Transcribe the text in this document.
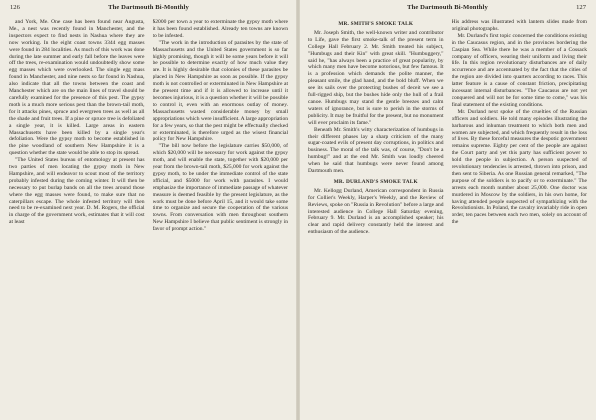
126	The Dartmouth Bi-Monthly

and York, Me. One case has been found near Augusta, Me., a nest was recently found in Manchester, and the inspectors expect to find nests in Nashua where they are now working. In the eight coast towns 3344 egg masses were found in 284 localities. As much of this work was done during the late summer and early fall before the leaves were off the trees, re-examination would undoubtedly show some egg masses which were overlooked. The single egg mass found in Manchester, and nine nests so far found in Nashua, also indicate that all the towns between the coast and Manchester which are on the main lines of travel should be carefully examined for the presence of this pest. The gypsy moth is a much more serious pest than the brown-tail moth, for it attacks pines, spruce and evergreen trees as well as all the shade and fruit trees. If a pine or spruce tree is defoliated a single year, it is killed. Large areas in eastern Massachusetts have been killed by a single year's defoliation. Were the gypsy moth to become established in the pine woodland of southern New Hampshire it is a question whether the state would be able to stop its spread.

"The United States bureau of entomology at present has two parties of men locating the gypsy moth in New Hampshire, and will endeavor to scout most of the territory probably infested during the coming winter. It will then be necessary to put burlap bands on all the trees around those where the egg masses were found, to make sure that no caterpillars escape. The whole infested territory will then need to be re-examined next year. D. M. Rogers, the official in charge of the government work, estimates that it will cost at least

$2000 per town a year to exterminate the gypsy moth where it has been found established. Already ten towns are known to be infested.

"The work in the introduction of parasites by the state of Massachusetts and the United States government is so far highly promising, though it will be some years before it will be possible to determine exactly of how much value they are. It is highly desirable that colonies of these parasites be placed in New Hampshire as soon as possible. If the gypsy moth is not controlled or exterminated in New Hampshire at the present time and if it is allowed to increase until it becomes injurious, it is a question whether it will be possible to control it, even with an enormous outlay of money. Massachusetts wasted considerable money by small appropriations which were insufficient. A large appropriation for a few years, so that the pest might be effectually checked or exterminated, is therefore urged as the wisest financial policy for New Hampshire.

"The bill now before the legislature carries $50,000, of which $20,000 will be necessary for work against the gypsy moth, and will enable the state, together with $20,000 per year from the brown-tail moth, $25,000 for work against the gypsy moth, to be under the immediate control of the state official, and $5000 for work with parasites. I would emphasize the importance of immediate passage of whatever measure is deemed feasible by the present legislature, as the work must be done before April 15, and it would take some time to organize and secure the cooperation of the various towns. From conversation with men throughout southern New Hampshire I believe that public sentiment is strongly in favor of prompt action."

The Dartmouth Bi-Monthly	127
MR. SMITH'S SMOKE TALK

Mr. Joseph Smith, the well-known writer and contributor to Life, gave the first smoke-talk of the present term in College Hall February 2. Mr. Smith treated his subject, "Humbugs and their Kin" with great skill. "Humbuggery," said he, "has always been a practice of great popularity, by which many men have become notorious, but few famous. It is a profession which demands the polite manner, the pleasant smile, the glad hand, and the bold bluff. When we see its sails over the protecting bushes of deceit we see a full-rigged ship, but the bushes hide only the hull of a frail canoe. Humbugs may stand the gentle breezes and calm waters of ignorance, but is sure to perish in the storms of publicity. It may be fruitful for the present, but no monument will ever proclaim its fame."

Beneath Mr. Smith's witty characterization of humbugs in their different phases lay a sharp criticism of the many sugar-coated evils of present day corruptions, in politics and business. The moral of the talk was, of course, "Don't be a humbug!" and at the end Mr. Smith was loudly cheered when he said that humbugs were never found among Dartmouth men.

MR. DURLAND'S SMOKE TALK

Mr. Kellogg Durland, American correspondent in Russia for Collier's Weekly, Harper's Weekly, and the Review of Reviews, spoke on "Russia in Revolution" before a large and interested audience in College Hall Saturday evening, February 9. Mr. Durland is an accomplished speaker; his clear and rapid delivery constantly held the interest and enthusiasm of the audience.

His address was illustrated with lantern slides made from original photographs.

Mr. Durland's first topic concerned the conditions existing in the Caucasus region, and in the provinces bordering the Caspian Sea. While there he was a member of a Cossack company of officers, wearing their uniform and living their life. In this region revolutionary disturbances are of daily occurrence and are accentuated by the fact that the cities of the region are divided into quarters according to races. This latter feature is a cause of constant friction, precipitating incessant internal disturbances. "The Caucasus are not yet conquered and will not be for some time to come," was his final statement of the existing conditions.

Mr. Durland next spoke of the cruelties of the Russian officers and soldiers. He told many episodes illustrating the barbarous and inhuman treatment to which both men and women are subjected, and which frequently result in the loss of lives. By these forceful measures the despotic government remains supreme. Eighty per cent of the people are against the Court party and yet this party has sufficient power to hold the people in subjection. A person suspected of revolutionary tendencies is arrested, thrown into prison, and then sent to Siberia. As one Russian general remarked, "The purpose of the soldiers is to pacify or to exterminate." The arrests each month number about 25,000. One doctor was murdered in Moscow by the soldiers, in his own home, for having attended people suspected of sympathizing with the Revolutionists. In Poland, the cavalry invariably ride in open order, ten paces between each two men, solely on account of the
